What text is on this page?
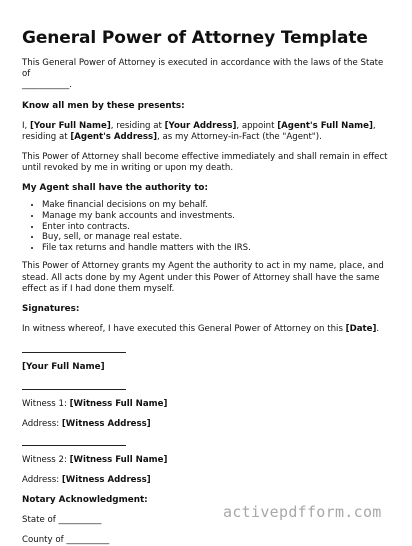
General Power of Attorney Template

This General Power of Attorney is executed in accordance with the laws of the State of
___________.

Know all men by these presents:

I, [Your Full Name], residing at [Your Address], appoint [Agent's Full Name], residing at [Agent's Address], as my Attorney-in-Fact (the "Agent").

This Power of Attorney shall become effective immediately and shall remain in effect until revoked by me in writing or upon my death.

My Agent shall have the authority to:

• Make financial decisions on my behalf.
• Manage my bank accounts and investments.
• Enter into contracts.
• Buy, sell, or manage real estate.
• File tax returns and handle matters with the IRS.

This Power of Attorney grants my Agent the authority to act in my name, place, and stead. All acts done by my Agent under this Power of Attorney shall have the same effect as if I had done them myself.

Signatures:

In witness whereof, I have executed this General Power of Attorney on this [Date].

[Your Full Name]

Witness 1: [Witness Full Name]

Address: [Witness Address]

Witness 2: [Witness Full Name]

Address: [Witness Address]

Notary Acknowledgment:

State of __________

County of __________

activepdfform.com
